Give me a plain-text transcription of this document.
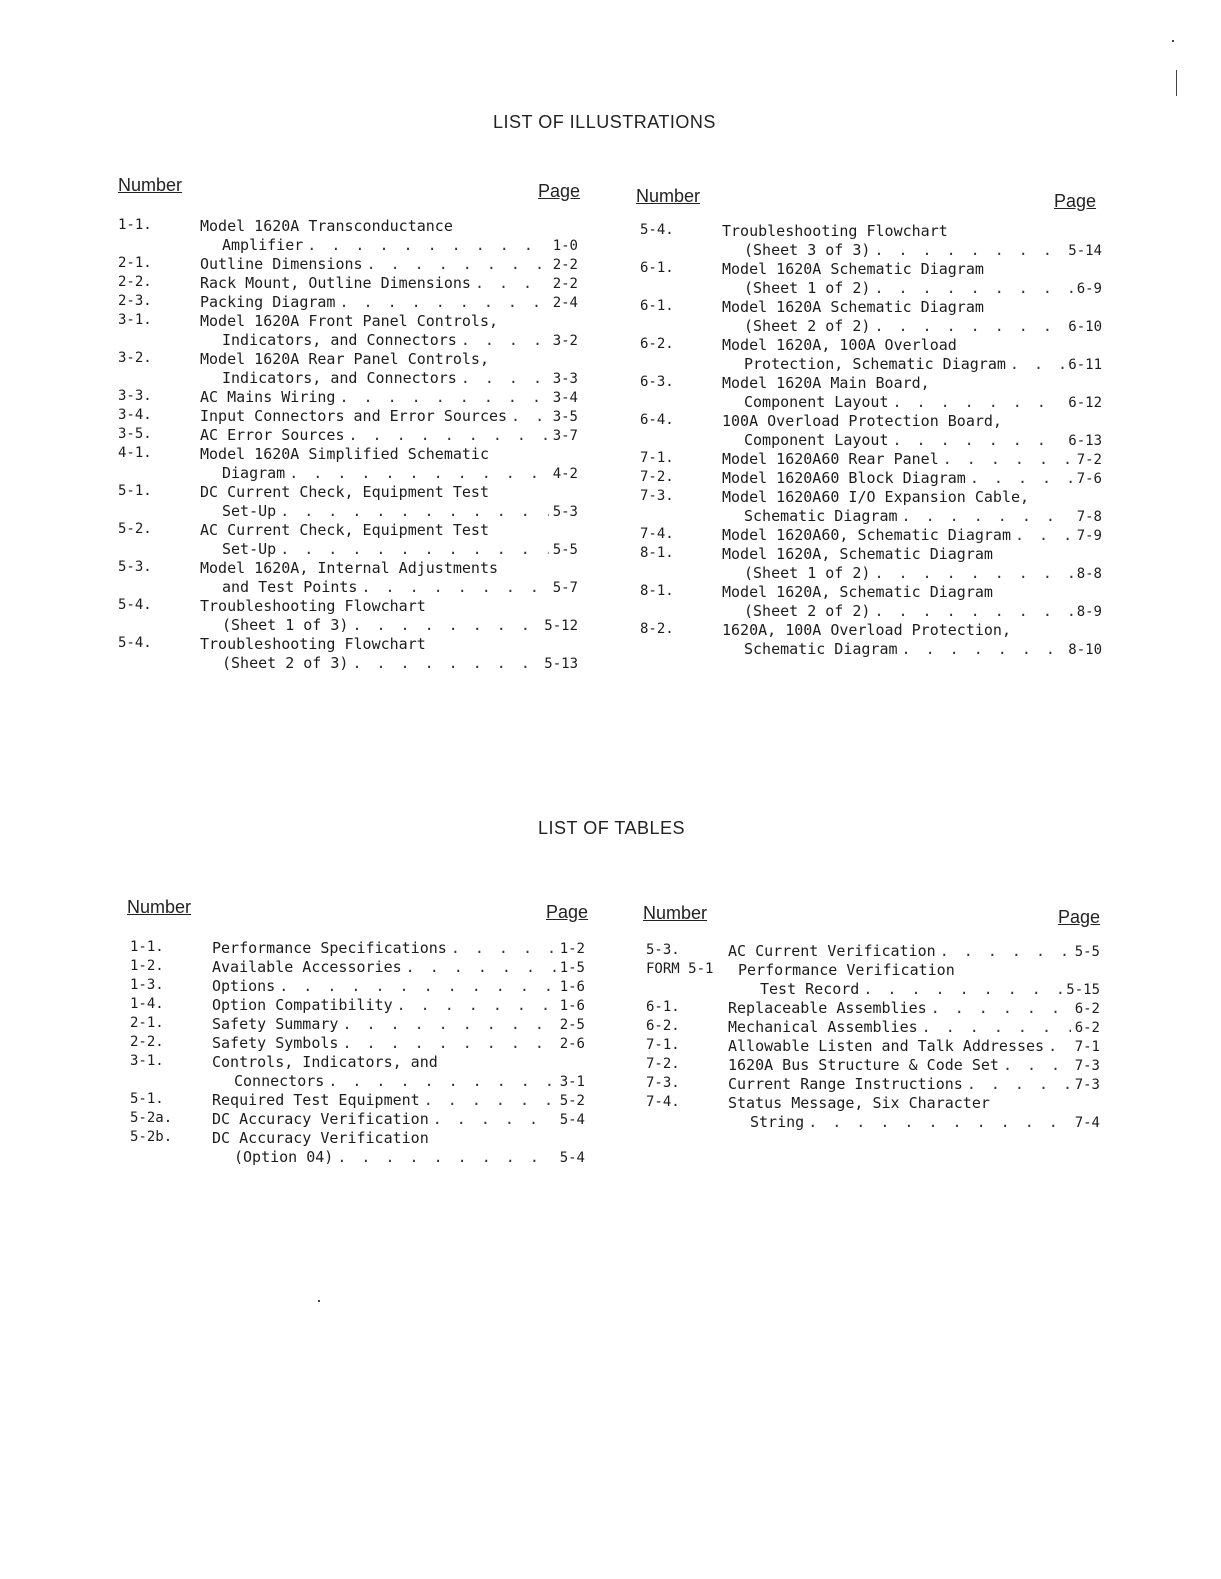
LIST OF ILLUSTRATIONS
Number	Page	Number	Page
1-1.	Model 1620A Transconductance
Amplifier . . .	1-0
2-1.	Outline Dimensions . . .	2-2
2-2.	Rack Mount, Outline Dimensions . . .	2-2
2-3.	Packing Diagram . . .	2-4
3-1.	Model 1620A Front Panel Controls,
Indicators, and Connectors . . .	3-2
3-2.	Model 1620A Rear Panel Controls,
Indicators, and Connectors . . .	3-3
3-3.	AC Mains Wiring . . .	3-4
3-4.	Input Connectors and Error Sources . . .	3-5
3-5.	AC Error Sources . . .	3-7
4-1.	Model 1620A Simplified Schematic
Diagram . . .	4-2
5-1.	DC Current Check, Equipment Test
Set-Up . . .	5-3
5-2.	AC Current Check, Equipment Test
Set-Up . . .	5-5
5-3.	Model 1620A, Internal Adjustments
and Test Points . . .	5-7
5-4.	Troubleshooting Flowchart
(Sheet 1 of 3) . . .	5-12
5-4.	Troubleshooting Flowchart
(Sheet 2 of 3) . . .	5-13
5-4.	Troubleshooting Flowchart
(Sheet 3 of 3) . . .	5-14
6-1.	Model 1620A Schematic Diagram
(Sheet 1 of 2) . . .	6-9
6-1.	Model 1620A Schematic Diagram
(Sheet 2 of 2) . . .	6-10
6-2.	Model 1620A, 100A Overload
Protection, Schematic Diagram . . .	6-11
6-3.	Model 1620A Main Board,
Component Layout . . .	6-12
6-4.	100A Overload Protection Board,
Component Layout . . .	6-13
7-1.	Model 1620A60 Rear Panel . . .	7-2
7-2.	Model 1620A60 Block Diagram . . .	7-6
7-3.	Model 1620A60 I/O Expansion Cable,
Schematic Diagram . . .	7-8
7-4.	Model 1620A60, Schematic Diagram . . .	7-9
8-1.	Model 1620A, Schematic Diagram
(Sheet 1 of 2) . . .	8-8
8-1.	Model 1620A, Schematic Diagram
(Sheet 2 of 2) . . .	8-9
8-2.	1620A, 100A Overload Protection,
Schematic Diagram . . .	8-10
LIST OF TABLES
Number	Page	Number	Page
1-1.	Performance Specifications . . .	1-2
1-2.	Available Accessories . . .	1-5
1-3.	Options . . .	1-6
1-4.	Option Compatibility . . .	1-6
2-1.	Safety Summary . . .	2-5
2-2.	Safety Symbols . . .	2-6
3-1.	Controls, Indicators, and
Connectors . . .	3-1
5-1.	Required Test Equipment . . .	5-2
5-2a.	DC Accuracy Verification . . .	5-4
5-2b.	DC Accuracy Verification
(Option 04) . . .	5-4
5-3.	AC Current Verification . . .	5-5
FORM 5-1 Performance Verification
Test Record . . .	5-15
6-1.	Replaceable Assemblies . . .	6-2
6-2.	Mechanical Assemblies . . .	6-2
7-1.	Allowable Listen and Talk Addresses . . . 7-1
7-2.	1620A Bus Structure & Code Set . . .	7-3
7-3.	Current Range Instructions . . .	7-3
7-4.	Status Message, Six Character
String . . .	7-4
